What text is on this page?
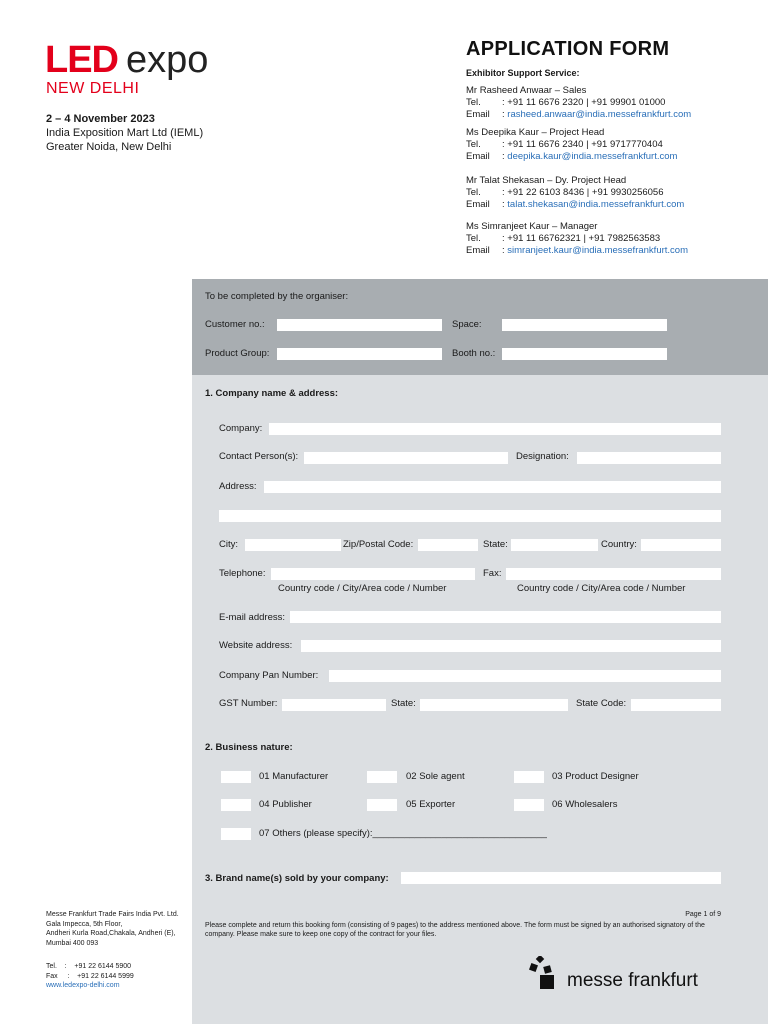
LED expo
NEW DELHI
2 – 4 November 2023
India Exposition Mart Ltd (IEML)
Greater Noida, New Delhi
APPLICATION FORM
Exhibitor Support Service:
Mr Rasheed Anwaar – Sales
Tel. : +91 11 6676 2320 | +91 99901 01000
Email : rasheed.anwaar@india.messefrankfurt.com
Ms Deepika Kaur – Project Head
Tel. : +91 11 6676 2340 | +91 9717770404
Email : deepika.kaur@india.messefrankfurt.com
Mr Talat Shekasan – Dy. Project Head
Tel. : +91 22 6103 8436 | +91 9930256056
Email : talat.shekasan@india.messefrankfurt.com
Ms Simranjeet Kaur – Manager
Tel. : +91 11 66762321 | +91 7982563583
Email : simranjeet.kaur@india.messefrankfurt.com
To be completed by the organiser:
Customer no.:	Space:
Product Group:	Booth no.:
1. Company name & address:
Company:
Contact Person(s):	Designation:
Address:
City:	Zip/Postal Code:	State:	Country:
Telephone:	Fax:
Country code / City/Area code / Number	Country code / City/Area code / Number
E-mail address:
Website address:
Company Pan Number:
GST Number:	State:	State Code:
2. Business nature:
01 Manufacturer	02 Sole agent	03 Product Designer
04 Publisher	05 Exporter	06 Wholesalers
07 Others (please specify):_________________________________
3. Brand name(s) sold by your company:
Messe Frankfurt Trade Fairs India Pvt. Ltd.
Gala Impecca, 5th Floor,
Andheri Kurla Road,Chakala, Andheri (E),
Mumbai 400 093
Tel.    :    +91 22 6144 5900
Fax     :    +91 22 6144 5999
www.ledexpo-delhi.com
Page 1 of 9
Please complete and return this booking form (consisting of 9 pages) to the address mentioned above. The form must be signed by an authorised signatory of the company. Please make sure to keep one copy of the contract for your files.
messe frankfurt
